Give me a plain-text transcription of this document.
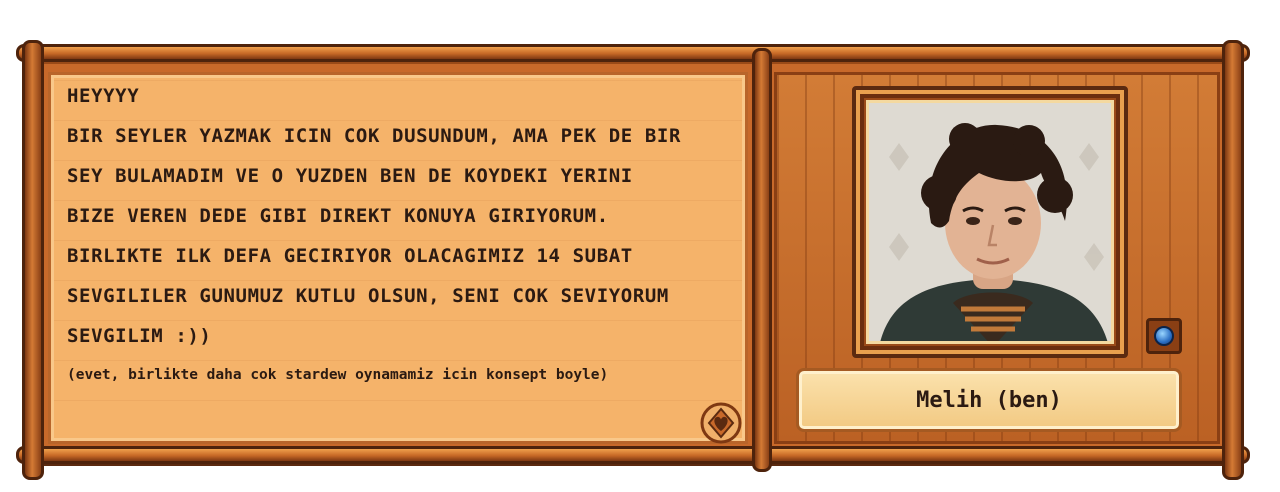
HEYYYY
BIR SEYLER YAZMAK ICIN COK DUSUNDUM, AMA PEK DE BIR
SEY BULAMADIM VE O YUZDEN BEN DE KOYDEKI YERINI
BIZE VEREN DEDE GIBI DIREKT KONUYA GIRIYORUM.
BIRLIKTE ILK DEFA GECIRIYOR OLACAGIMIZ 14 SUBAT
SEVGILILER GUNUMUZ KUTLU OLSUN, SENI COK SEVIYORUM
SEVGILIM :))
(evet, birlikte daha cok stardew oynamamiz icin konsept boyle)
Melih (ben)
